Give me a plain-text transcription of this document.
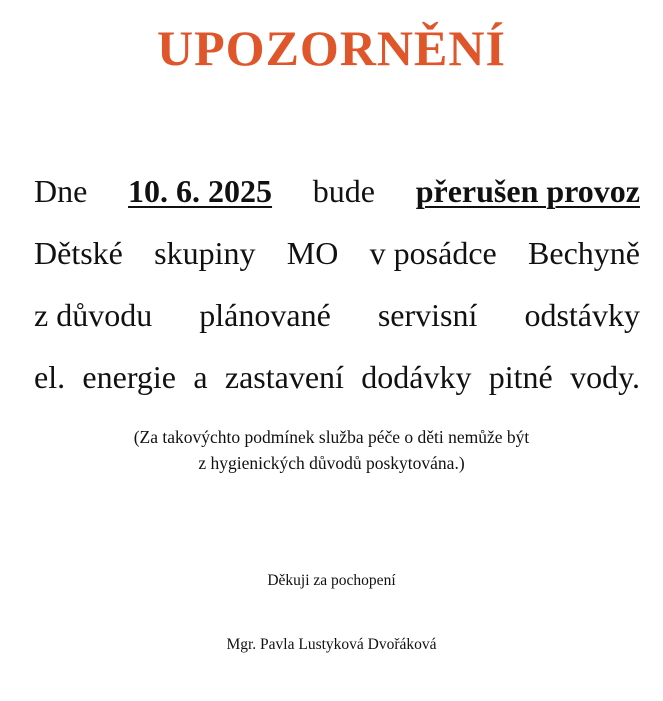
UPOZORNĚNÍ
Dne 10. 6. 2025 bude přerušen provoz
Dětské skupiny MO v posádce Bechyně
z důvodu plánované servisní odstávky
el. energie a zastavení dodávky pitné vody.
(Za takovýchto podmínek služba péče o děti nemůže být
z hygienických důvodů poskytována.)
Děkuji za pochopení
Mgr. Pavla Lustyková Dvořáková
